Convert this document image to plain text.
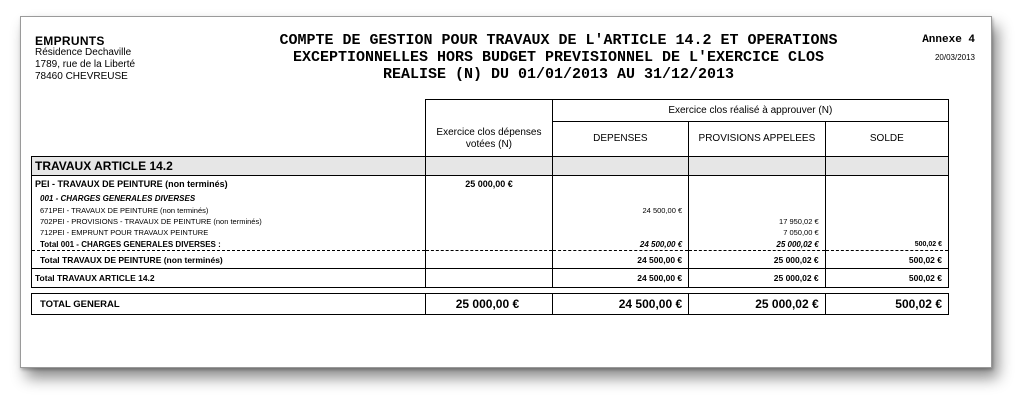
EMPRUNTS
Résidence Dechaville
1789, rue de la Liberté
78460 CHEVREUSE
COMPTE DE GESTION POUR TRAVAUX DE L'ARTICLE 14.2 ET OPERATIONS
EXCEPTIONNELLES HORS BUDGET PREVISIONNEL DE L'EXERCICE CLOS
REALISE (N) DU 01/01/2013 AU 31/12/2013
Annexe 4
20/03/2013
		Exercice clos réalisé à approuver (N)		
	Exercice clos dépenses votées (N)	DEPENSES	PROVISIONS APPELEES	SOLDE
TRAVAUX ARTICLE 14.2				
PEI - TRAVAUX DE PEINTURE (non terminés)	25 000,00 €			
001 - CHARGES GENERALES DIVERSES				
671PEI - TRAVAUX DE PEINTURE (non terminés)		24 500,00 €		
702PEI - PROVISIONS - TRAVAUX DE PEINTURE (non terminés)			17 950,02 €	
712PEI - EMPRUNT POUR TRAVAUX PEINTURE			7 050,00 €	
Total 001 - CHARGES GENERALES DIVERSES :		24 500,00 €	25 000,02 €	500,02 €
Total TRAVAUX DE PEINTURE (non terminés)		24 500,00 €	25 000,02 €	500,02 €
Total TRAVAUX ARTICLE 14.2		24 500,00 €	25 000,02 €	500,02 €

TOTAL GENERAL	25 000,00 €	24 500,00 €	25 000,02 €	500,02 €
